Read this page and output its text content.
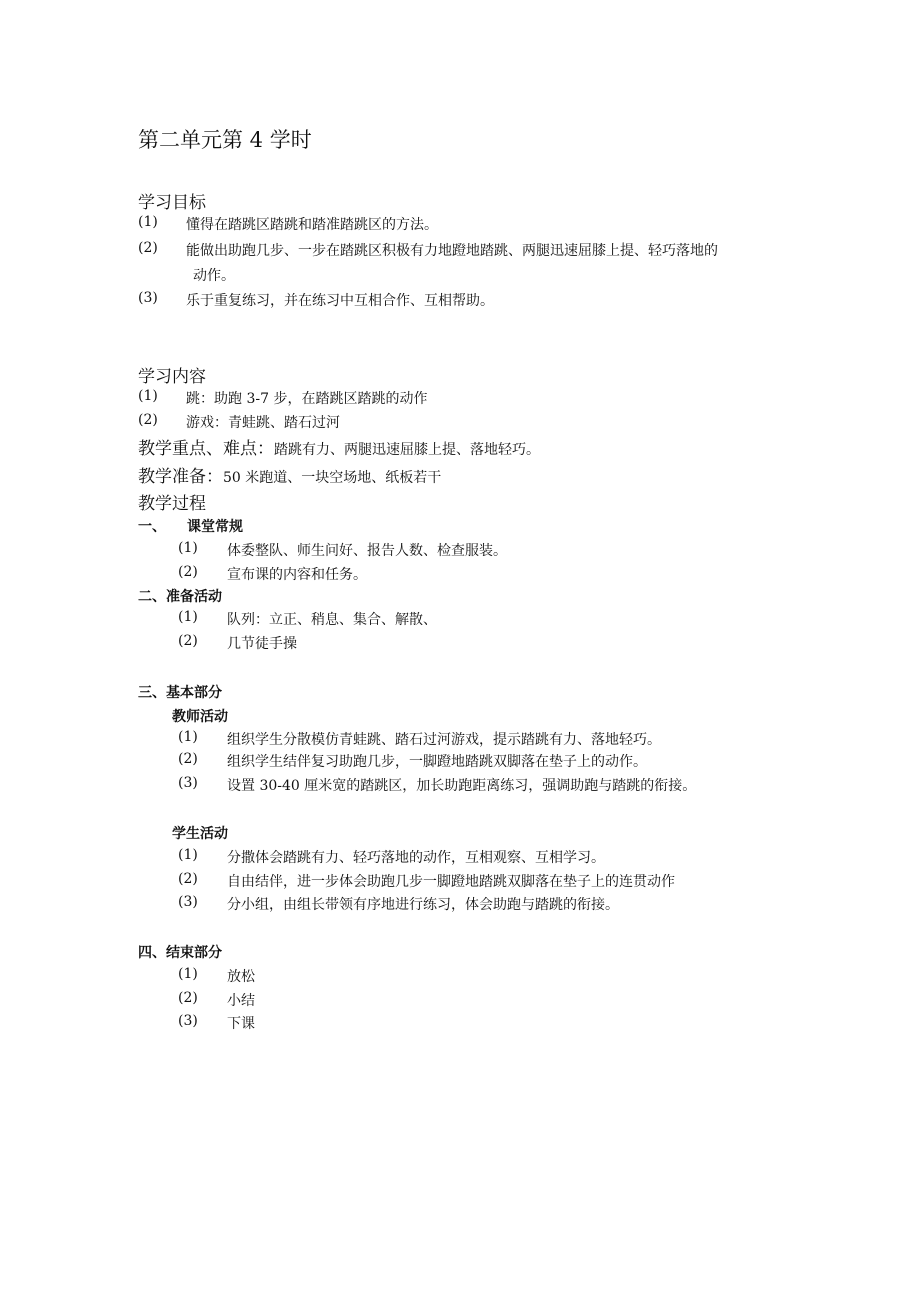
第二单元第 4 学时
学习目标
(1) 懂得在踏跳区踏跳和踏准踏跳区的方法。
(2) 能做出助跑几步、一步在踏跳区积极有力地蹬地踏跳、两腿迅速屈膝上提、轻巧落地的
动作。
(3) 乐于重复练习，并在练习中互相合作、互相帮助。
学习内容
(1) 跳：助跑 3-7 步，在踏跳区踏跳的动作
(2) 游戏：青蛙跳、踏石过河
教学重点、难点：踏跳有力、两腿迅速屈膝上提、落地轻巧。
教学准备：50 米跑道、一块空场地、纸板若干
教学过程
一、 课堂常规
(1) 体委整队、师生问好、报告人数、检查服装。
(2) 宣布课的内容和任务。
二、准备活动
(1) 队列：立正、稍息、集合、解散、
(2) 几节徒手操
三、基本部分
教师活动
(1) 组织学生分散模仿青蛙跳、踏石过河游戏，提示踏跳有力、落地轻巧。
(2) 组织学生结伴复习助跑几步，一脚蹬地踏跳双脚落在垫子上的动作。
(3) 设置 30-40 厘米宽的踏跳区，加长助跑距离练习，强调助跑与踏跳的衔接。
学生活动
(1) 分撒体会踏跳有力、轻巧落地的动作，互相观察、互相学习。
(2) 自由结伴，进一步体会助跑几步一脚蹬地踏跳双脚落在垫子上的连贯动作
(3) 分小组，由组长带领有序地进行练习，体会助跑与踏跳的衔接。
四、结束部分
(1) 放松
(2) 小结
(3) 下课
